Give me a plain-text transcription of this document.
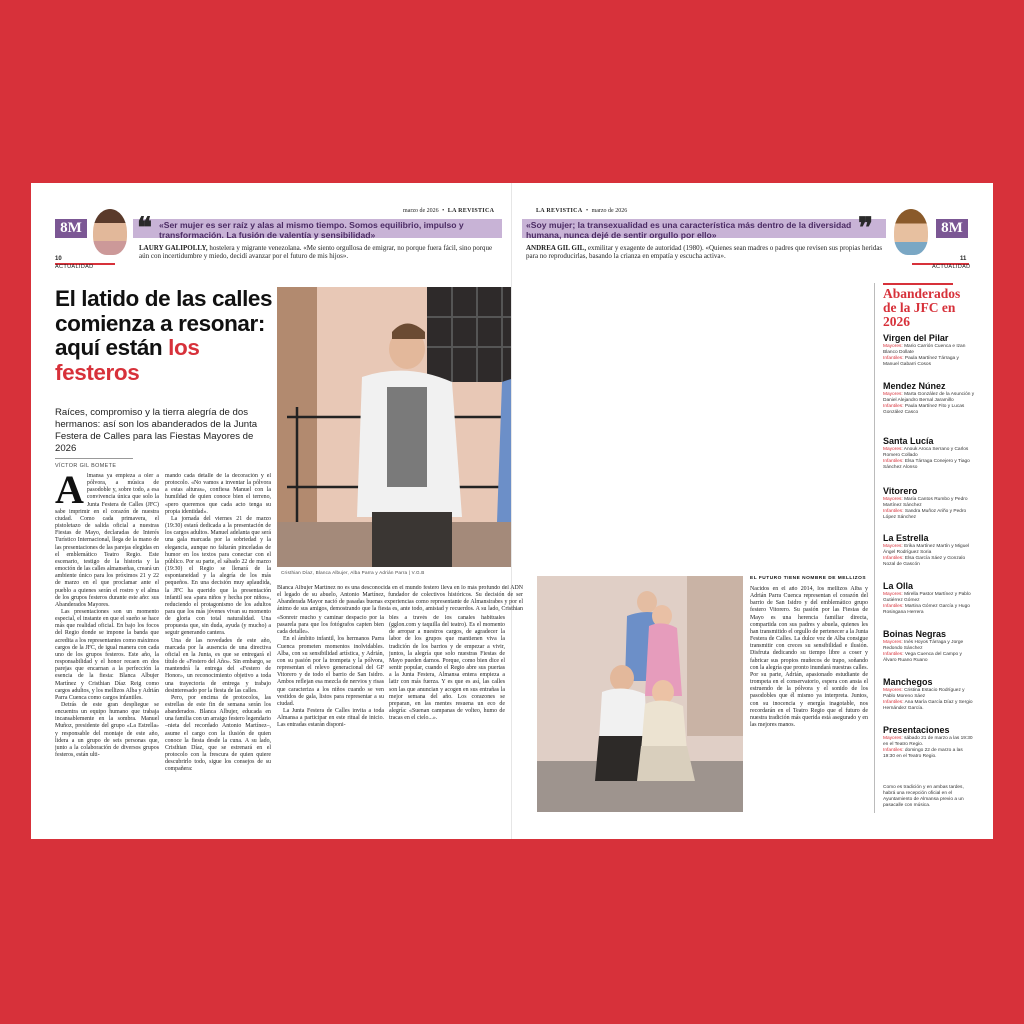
marzo de 2026 • LA REVISTICA
8M ❝ «Ser mujer es ser raíz y alas al mismo tiempo. Somos equilibrio, impulso y transformación. La fusión de valentía y sensibilidad»
LAURY GALIPOLLY, hostelera y migrante venezolana. «Me siento orgullosa de emigrar, no porque fuera fácil, sino porque aún con incertidumbre y miedo, decidí avanzar por el futuro de mis hijos».
10
ACTUALIDAD
El latido de las calles comienza a resonar: aquí están los festeros
Raíces, compromiso y la tierra alegría de dos hermanos: así son los abanderados de la Junta Festera de Calles para las Fiestas Mayores de 2026
VÍCTOR GIL BOMETE
A lmansa ya empieza a oler a pólvora, a música de pasodoble y, sobre todo, a esa convivencia única que solo la Junta Festera de Calles (JFC) sabe imprimir en el corazón de nuestra ciudad. Como cada primavera, el pistoletazo de salida oficial a nuestras Fiestas de Mayo, declaradas de Interés Turístico Internacional, llega de la mano de las presentaciones de las parejas elegidas en el emblemático Teatro Regio. Este escenario, testigo de la historia y la emoción de las calles almanseñas, creará un ambiente único para los próximos 21 y 22 de marzo en el que proclamar ante el pueblo a quienes serán el rostro y el alma de los grupos festeros durante este año: sus Abanderados Mayores.

Las presentaciones son un momento especial, el instante en que el sueño se hace más que realidad oficial. En bajo los focos del Regio donde se impone la banda que acredita a los representantes como máximos cargos de la JFC, de igual manera con cada uno de los grupos festeros. Este año, la responsabilidad y el honor recaen en dos parejas que encarnan a la perfección la esencia de la fiesta: Blanca Albujer Martínez y Cristhian Díaz Reig como cargos adultos, y los mellizos Alba y Adrián Parra Cuenca como cargos infantiles.

Detrás de este gran despliegue se encuentra un equipo humano que trabaja incansablemente en la sombra. Manuel Muñoz, presidente del grupo «La Estrella» y responsable del montaje de este año, lidera a un grupo de seis personas que, junto a la colaboración de diversos grupos festeros, están ulti-

mando cada detalle de la decoración y el protocolo. «No vamos a inventar la pólvora a estas alturas», confiesa Manuel con la humildad de quien conoce bien el terreno, «pero queremos que cada acto tenga su propia identidad».

La jornada del viernes 21 de marzo (19:30) estará dedicada a la presentación de los cargos adultos. Manuel adelanta que será una gala marcada por la sobriedad y la elegancia, aunque no faltarán pinceladas de humor en los textos para conectar con el público. Por su parte, el sábado 22 de marzo (19:30) el Regio se llenará de la espontaneidad y la alegría de los más pequeños. En una decisión muy aplaudida, la JFC ha querido que la presentación infantil sea «para niños y hecha por niños», reduciendo el protagonismo de los adultos para que los más jóvenes vivan su momento de gloria con total naturalidad. Una propuesta que, sin duda, ayuda (y mucho) a seguir generando cantera.

Una de las novedades de este año, marcada por la ausencia de una directiva oficial en la Junta, es que se entregará el título de «Festero del Año». Sin embargo, se mantendrá la entrega del «Festero de Honor», un reconocimiento objetivo a toda una trayectoria de entrega y trabajo desinteresado por la fiesta de las calles.

Pero, por encima de protocolos, las estrellas de este fin de semana serán los abanderados. Blanca Albujer, educada en una familia con un arraigo festero legendario –nieta del recordado Antonio Martínez–, asume el cargo con la ilusión de quien conoce la fiesta desde la cuna. A su lado, Cristhian Díaz, que se estrenará en el protocolo con la frescura de quien quiere descubrirlo todo, sigue los consejos de su compañera:

Cristhian Díaz, Blanca Albujer, Alba Parra y Adrián Parra | V.G.B
LA REVISTICA • marzo de 2026
«Soy mujer; la transexualidad es una característica más dentro de la diversidad humana, nunca dejé de sentir orgullo por ello»	❞
ANDREA GIL GIL, exmilitar y exagente de autoridad (1980). «Quienes sean madres o padres que revisen sus propias heridas para no reproducirlas, basando la crianza en empatía y escucha activa».
8M
11
ACTUALIDAD

Blanca Albujer Martínez no es una desconocida en el mundo festero lleva en lo más profundo del ADN el legado de su abuelo, Antonio Martínez, fundador de colectivos históricos. Su decisión de ser Abanderada Mayor nació de pasadas buenas experiencias como representante de Almansirabes y por el ánimo de sus amigos, demostrando que la fiesta es, ante todo, amistad y recuerdos. A su lado, Cristhian

«Sonreír mucho y caminar despacio por la pasarela para que los fotógrafos capten bien cada detalle».

En el ámbito infantil, los hermanos Parra Cuenca prometen momentos inolvidables. Alba, con su sensibilidad artística, y Adrián, con su pasión por la trompeta y la pólvora, representan el relevo generacional del GF Vitorero y de todo el barrio de San Isidro. Ambos reflejan esa mezcla de nervios y risas que caracteriza a los niños cuando se ven vestidos de gala, listos para representar a su ciudad.

La Junta Festera de Calles invita a toda Almansa a participar en este ritual de inicio. Las entradas estarán disponi-

bles a través de los canales habituales (gglon.com y taquilla del teatro). Es el momento de arropar a nuestros cargos, de agradecer la labor de los grupos que mantienen viva la tradición de los barrios y de empezar a vivir, juntos, la alegría que solo nuestras Fiestas de Mayo pueden darnos. Porque, como bien dice el sentir popular, cuando el Regio abre sus puertas a la Junta Festera, Almansa entera empieza a latir con más fuerza. Y es que es así, las calles son las que anuncian y acogen en sus entrañas la mejor semana del año. Los corazones se preparan, en las mentes resuena un eco de alegría: «Suenan campanas de volteo, humo de tracas en el cielo...».

EL FUTURO TIENE NOMBRE DE MELLIZOS

Nacidos en el año 2014, los mellizos Alba y Adrián Parra Cuenca representan el corazón del barrio de San Isidro y del emblemático grupo festero Vitorero. Su pasión por las Fiestas de Mayo es una herencia familiar directa, compartida con sus padres y abuela, quienes les han transmitido el orgullo de pertenecer a la Junta Festera de Calles. La dulce voz de Alba consigue transmitir con creces su sensibilidad e ilusión. Disfruta dedicando su tiempo libre a coser y fabricar sus propios muñecos de trapo, soñando con la alegría que pronto inundará nuestras calles. Por su parte, Adrián, apasionado estudiante de trompeta en el conservatorio, espera con ansia el estruendo de la pólvora y el sonido de los pasodobles que él mismo ya interpreta. Juntos, con su inocencia y energía inagotable, nos recordarán en el Teatro Regio que el futuro de nuestra tradición más querida está asegurado y en las mejores manos.

Abanderados de la JFC en 2026
Virgen del Pilar
Mayores: Mario Carrión Cuenca e Izan Blanco Dollate
Infantiles: Paula Martínez Tárraga y Manuel Gabarri Cosos
Mendez Núnez
Mayores: Marta González de la Asunción y Daniel Alejandro Bernal Jaramillo
Infantiles: Paula Martínez Fito y Lucas González Casco
Santa Lucía
Mayores: Anouk Aroca Serrano y Carlos Romero Collado
Infantiles: Elsa Tárraga Conejero y Tiago Sánchez Alonso
Vitorero
Mayores: María Cantos Rumbo y Pedro Martínez Sánchez
Infantiles: Sandra Muñoz Ariño y Pedro López Sánchez
La Estrella
Mayores: Erika Martínez Martín y Miguel Ángel Rodríguez Soria
Infantiles: Elsa García Sáez y Gonzalo Nozal de Gascón
La Olla
Mayores: Mirella Pastor Martínez y Pablo Gutiérrez Gómez
Infantiles: Martina Gómez García y Hugo Rosingana Herrera
Boinas Negras
Mayores: Inés Hoyos Tárraga y Jorge Redondo Sánchez
Infantiles: Vega Cuenca del Campo y Álvaro Ruano Ruano
Manchegos
Mayores: Cristina Estacio Rodríguez y Pablo Moreno Sáez
Infantiles: Ana María García Díaz y Sergio Hernández García.
Presentaciones
Mayores: sábado 21 de marzo a las 19:30 en el Teatro Regio.
Infantiles: domingo 22 de marzo a las 19:30 en el Teatro Regio.
Como es tradición y en ambas tardes, habrá una recepción oficial en el Ayuntamiento de Almansa previo a un pasacalle con música.
